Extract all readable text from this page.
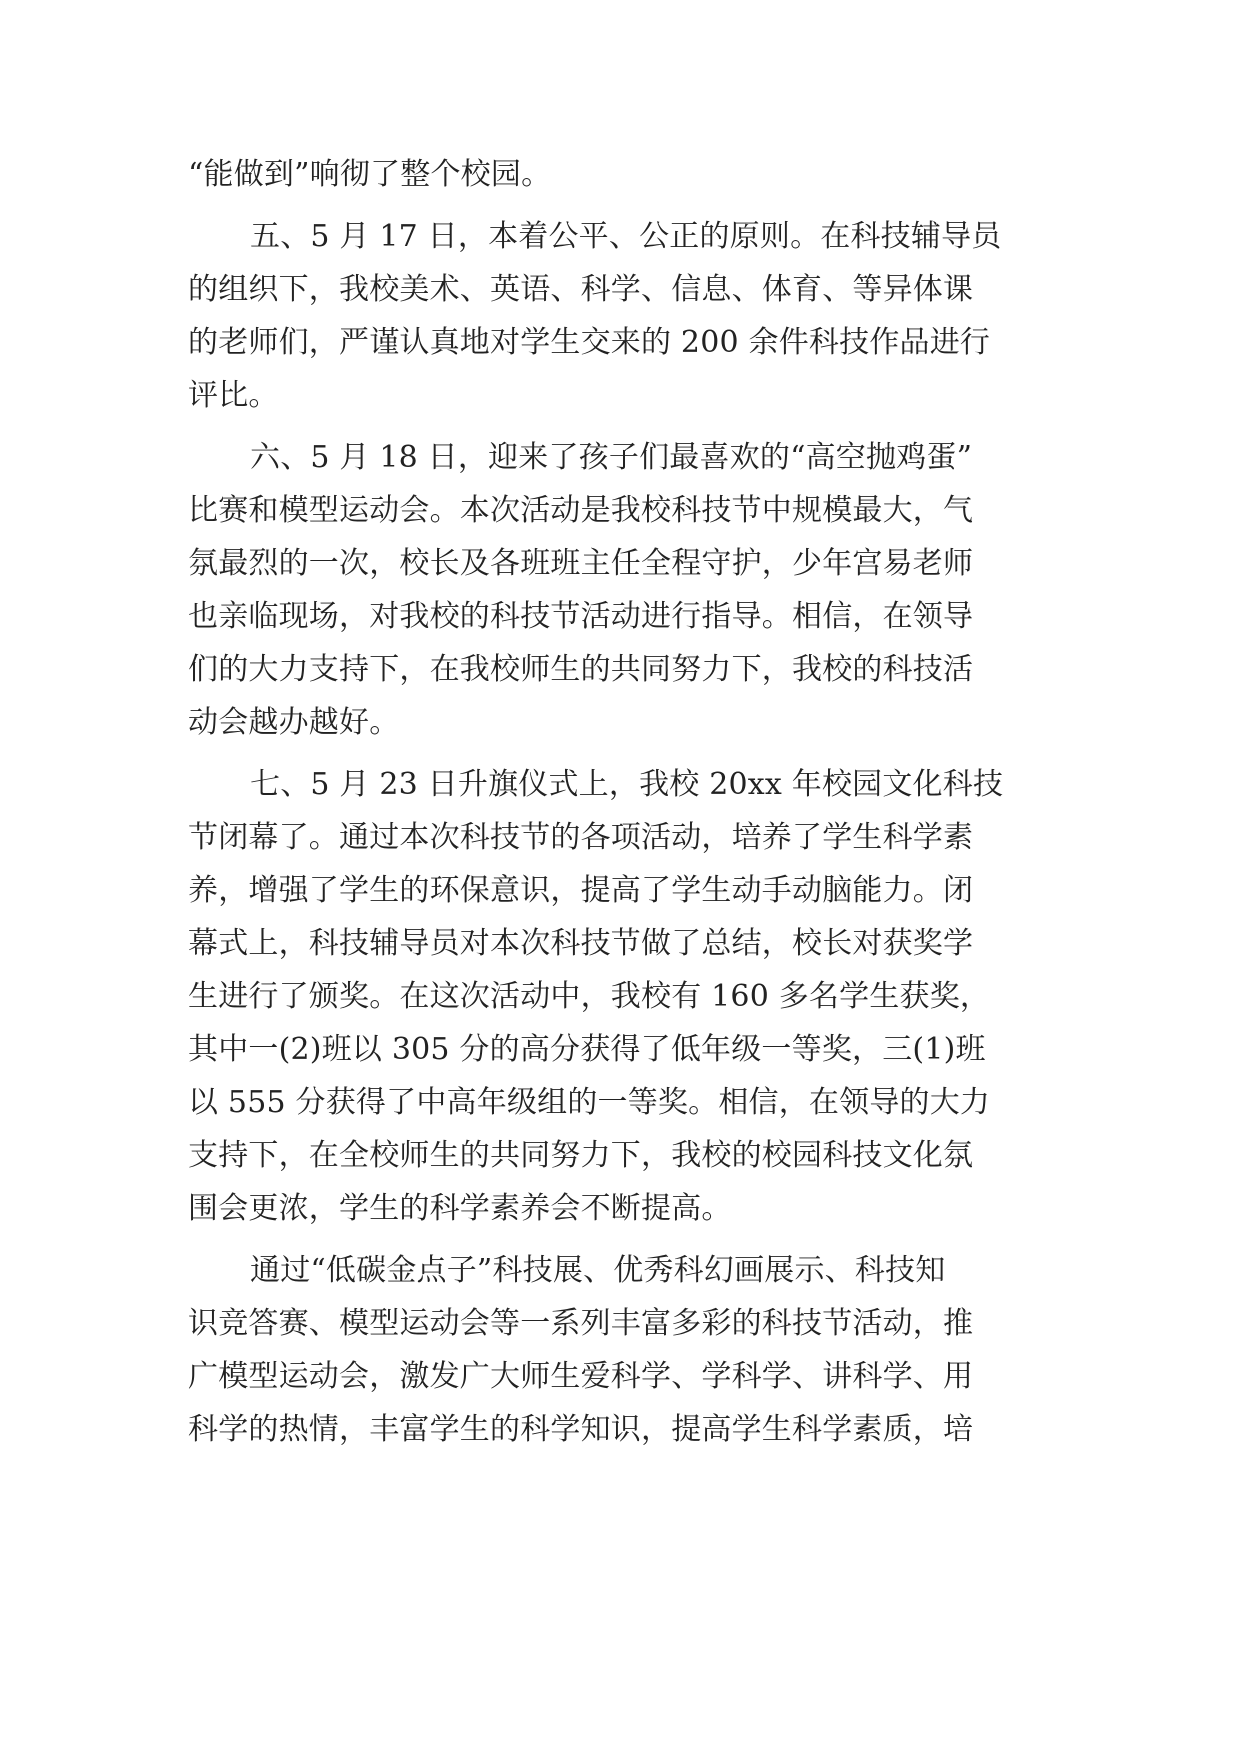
“能做到”响彻了整个校园。
五、5 月 17 日，本着公平、公正的原则。在科技辅导员
的组织下，我校美术、英语、科学、信息、体育、等异体课
的老师们，严谨认真地对学生交来的 200 余件科技作品进行
评比。
六、5 月 18 日，迎来了孩子们最喜欢的“高空抛鸡蛋”
比赛和模型运动会。本次活动是我校科技节中规模最大，气
氛最烈的一次，校长及各班班主任全程守护，少年宫易老师
也亲临现场，对我校的科技节活动进行指导。相信，在领导
们的大力支持下，在我校师生的共同努力下，我校的科技活
动会越办越好。
七、5 月 23 日升旗仪式上，我校 20xx 年校园文化科技
节闭幕了。通过本次科技节的各项活动，培养了学生科学素
养，增强了学生的环保意识，提高了学生动手动脑能力。闭
幕式上，科技辅导员对本次科技节做了总结，校长对获奖学
生进行了颁奖。在这次活动中，我校有 160 多名学生获奖，
其中一(2)班以 305 分的高分获得了低年级一等奖，三(1)班
以 555 分获得了中高年级组的一等奖。相信，在领导的大力
支持下，在全校师生的共同努力下，我校的校园科技文化氛
围会更浓，学生的科学素养会不断提高。
通过“低碳金点子”科技展、优秀科幻画展示、科技知
识竞答赛、模型运动会等一系列丰富多彩的科技节活动，推
广模型运动会，激发广大师生爱科学、学科学、讲科学、用
科学的热情，丰富学生的科学知识，提高学生科学素质，培
